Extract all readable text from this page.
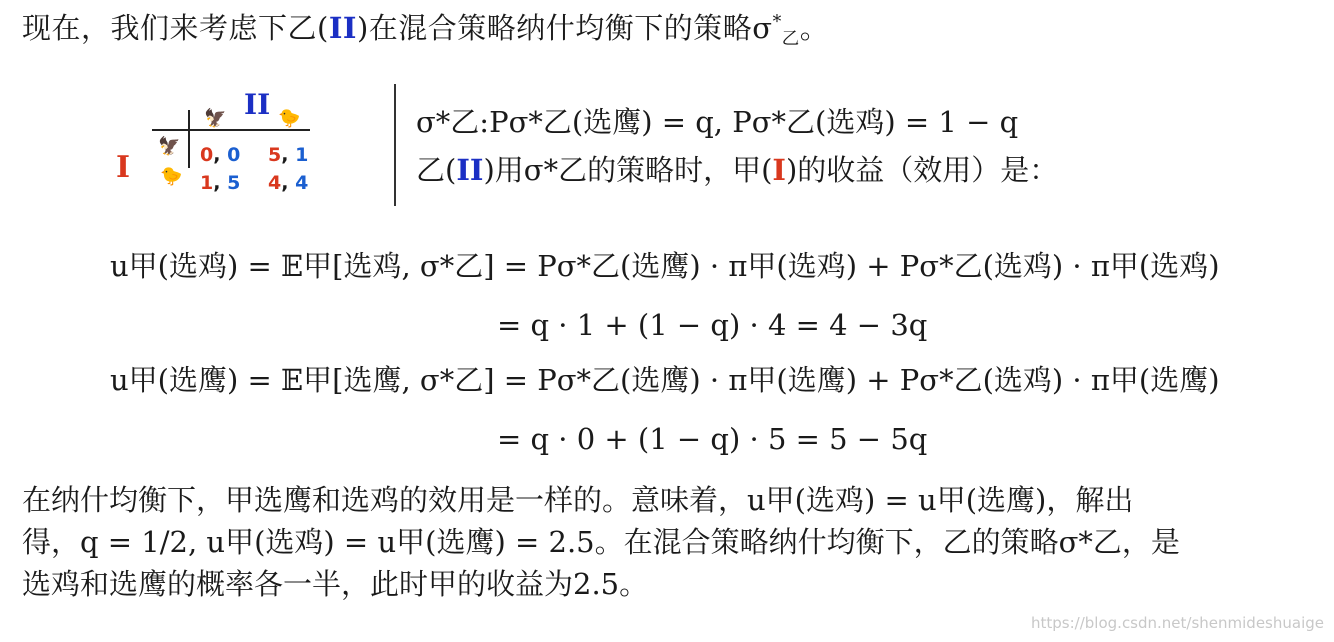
现在，我们来考虑下乙(II)在混合策略纳什均衡下的策略$\sigma^*_乙$。
🦅 II 🐤
I
🦅
🐤
0, 0 5, 1
1, 5 4, 4
σ*乙:Pσ*乙(选鹰) = q, Pσ*乙(选鸡) = 1 − q
乙(II)用σ*乙的策略时，甲(I)的收益（效用）是：
u甲(选鸡) = 𝔼甲[选鸡, σ*乙] = Pσ*乙(选鹰) · π甲(选鸡) + Pσ*乙(选鸡) · π甲(选鸡)
= q · 1 + (1 − q) · 4 = 4 − 3q
u甲(选鹰) = 𝔼甲[选鹰, σ*乙] = Pσ*乙(选鹰) · π甲(选鹰) + Pσ*乙(选鸡) · π甲(选鹰)
= q · 0 + (1 − q) · 5 = 5 − 5q
在纳什均衡下，甲选鹰和选鸡的效用是一样的。意味着，u甲(选鸡) = u甲(选鹰)，解出
得，q = 1/2, u甲(选鸡) = u甲(选鹰) = 2.5。在混合策略纳什均衡下，乙的策略σ*乙，是
选鸡和选鹰的概率各一半，此时甲的收益为2.5。
https://blog.csdn.net/shenmideshuaige
